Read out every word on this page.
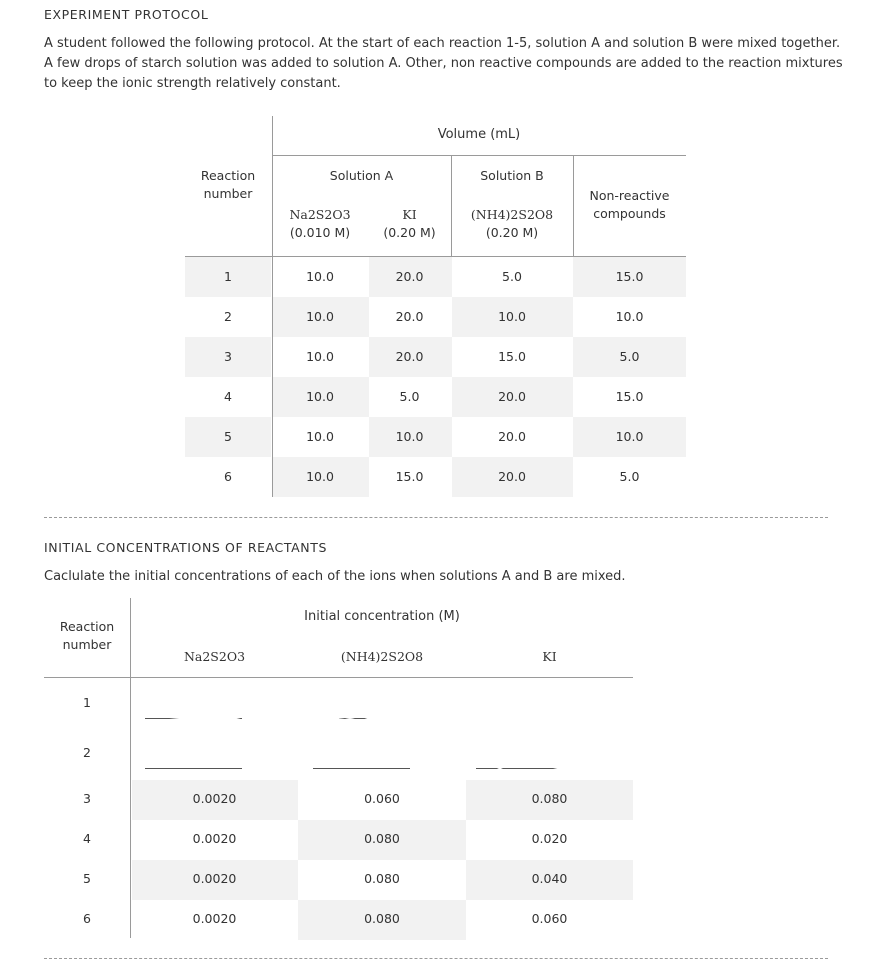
EXPERIMENT PROTOCOL
A student followed the following protocol. At the start of each reaction 1-5, solution A and solution B were mixed together.
A few drops of starch solution was added to solution A. Other, non reactive compounds are added to the reaction mixtures
to keep the ionic strength relatively constant.
Volume (mL)
Reaction
number
Solution A	Solution B
Non-reactive
compounds
Na2S2O3
(0.010 M)
KI
(0.20 M)
(NH4)2S2O8
(0.20 M)
1	10.0	20.0	5.0	15.0
2	10.0	20.0	10.0	10.0
3	10.0	20.0	15.0	5.0
4	10.0	5.0	20.0	15.0
5	10.0	10.0	20.0	10.0
6	10.0	15.0	20.0	5.0
INITIAL CONCENTRATIONS OF REACTANTS
Caclulate the initial concentrations of each of the ions when solutions A and B are mixed.
Initial concentration (M)
Reaction
number
Na2S2O3	(NH4)2S2O8	KI
1
2
3	0.0020	0.060	0.080
4	0.0020	0.080	0.020
5	0.0020	0.080	0.040
6	0.0020	0.080	0.060
